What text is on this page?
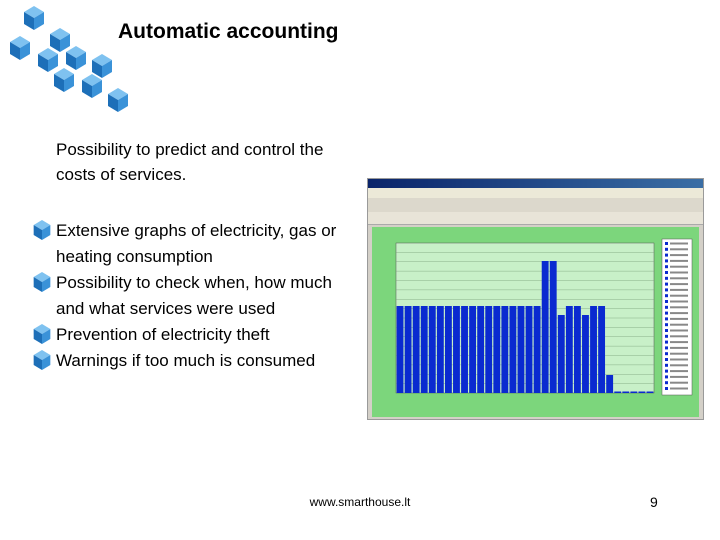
Automatic accounting
Possibility to predict and control the costs of services.
Extensive graphs of electricity, gas or heating consumption
Possibility to check when, how much and what services were used
Prevention of electricity theft
Warnings if too much is consumed
www.smarthouse.lt	9
